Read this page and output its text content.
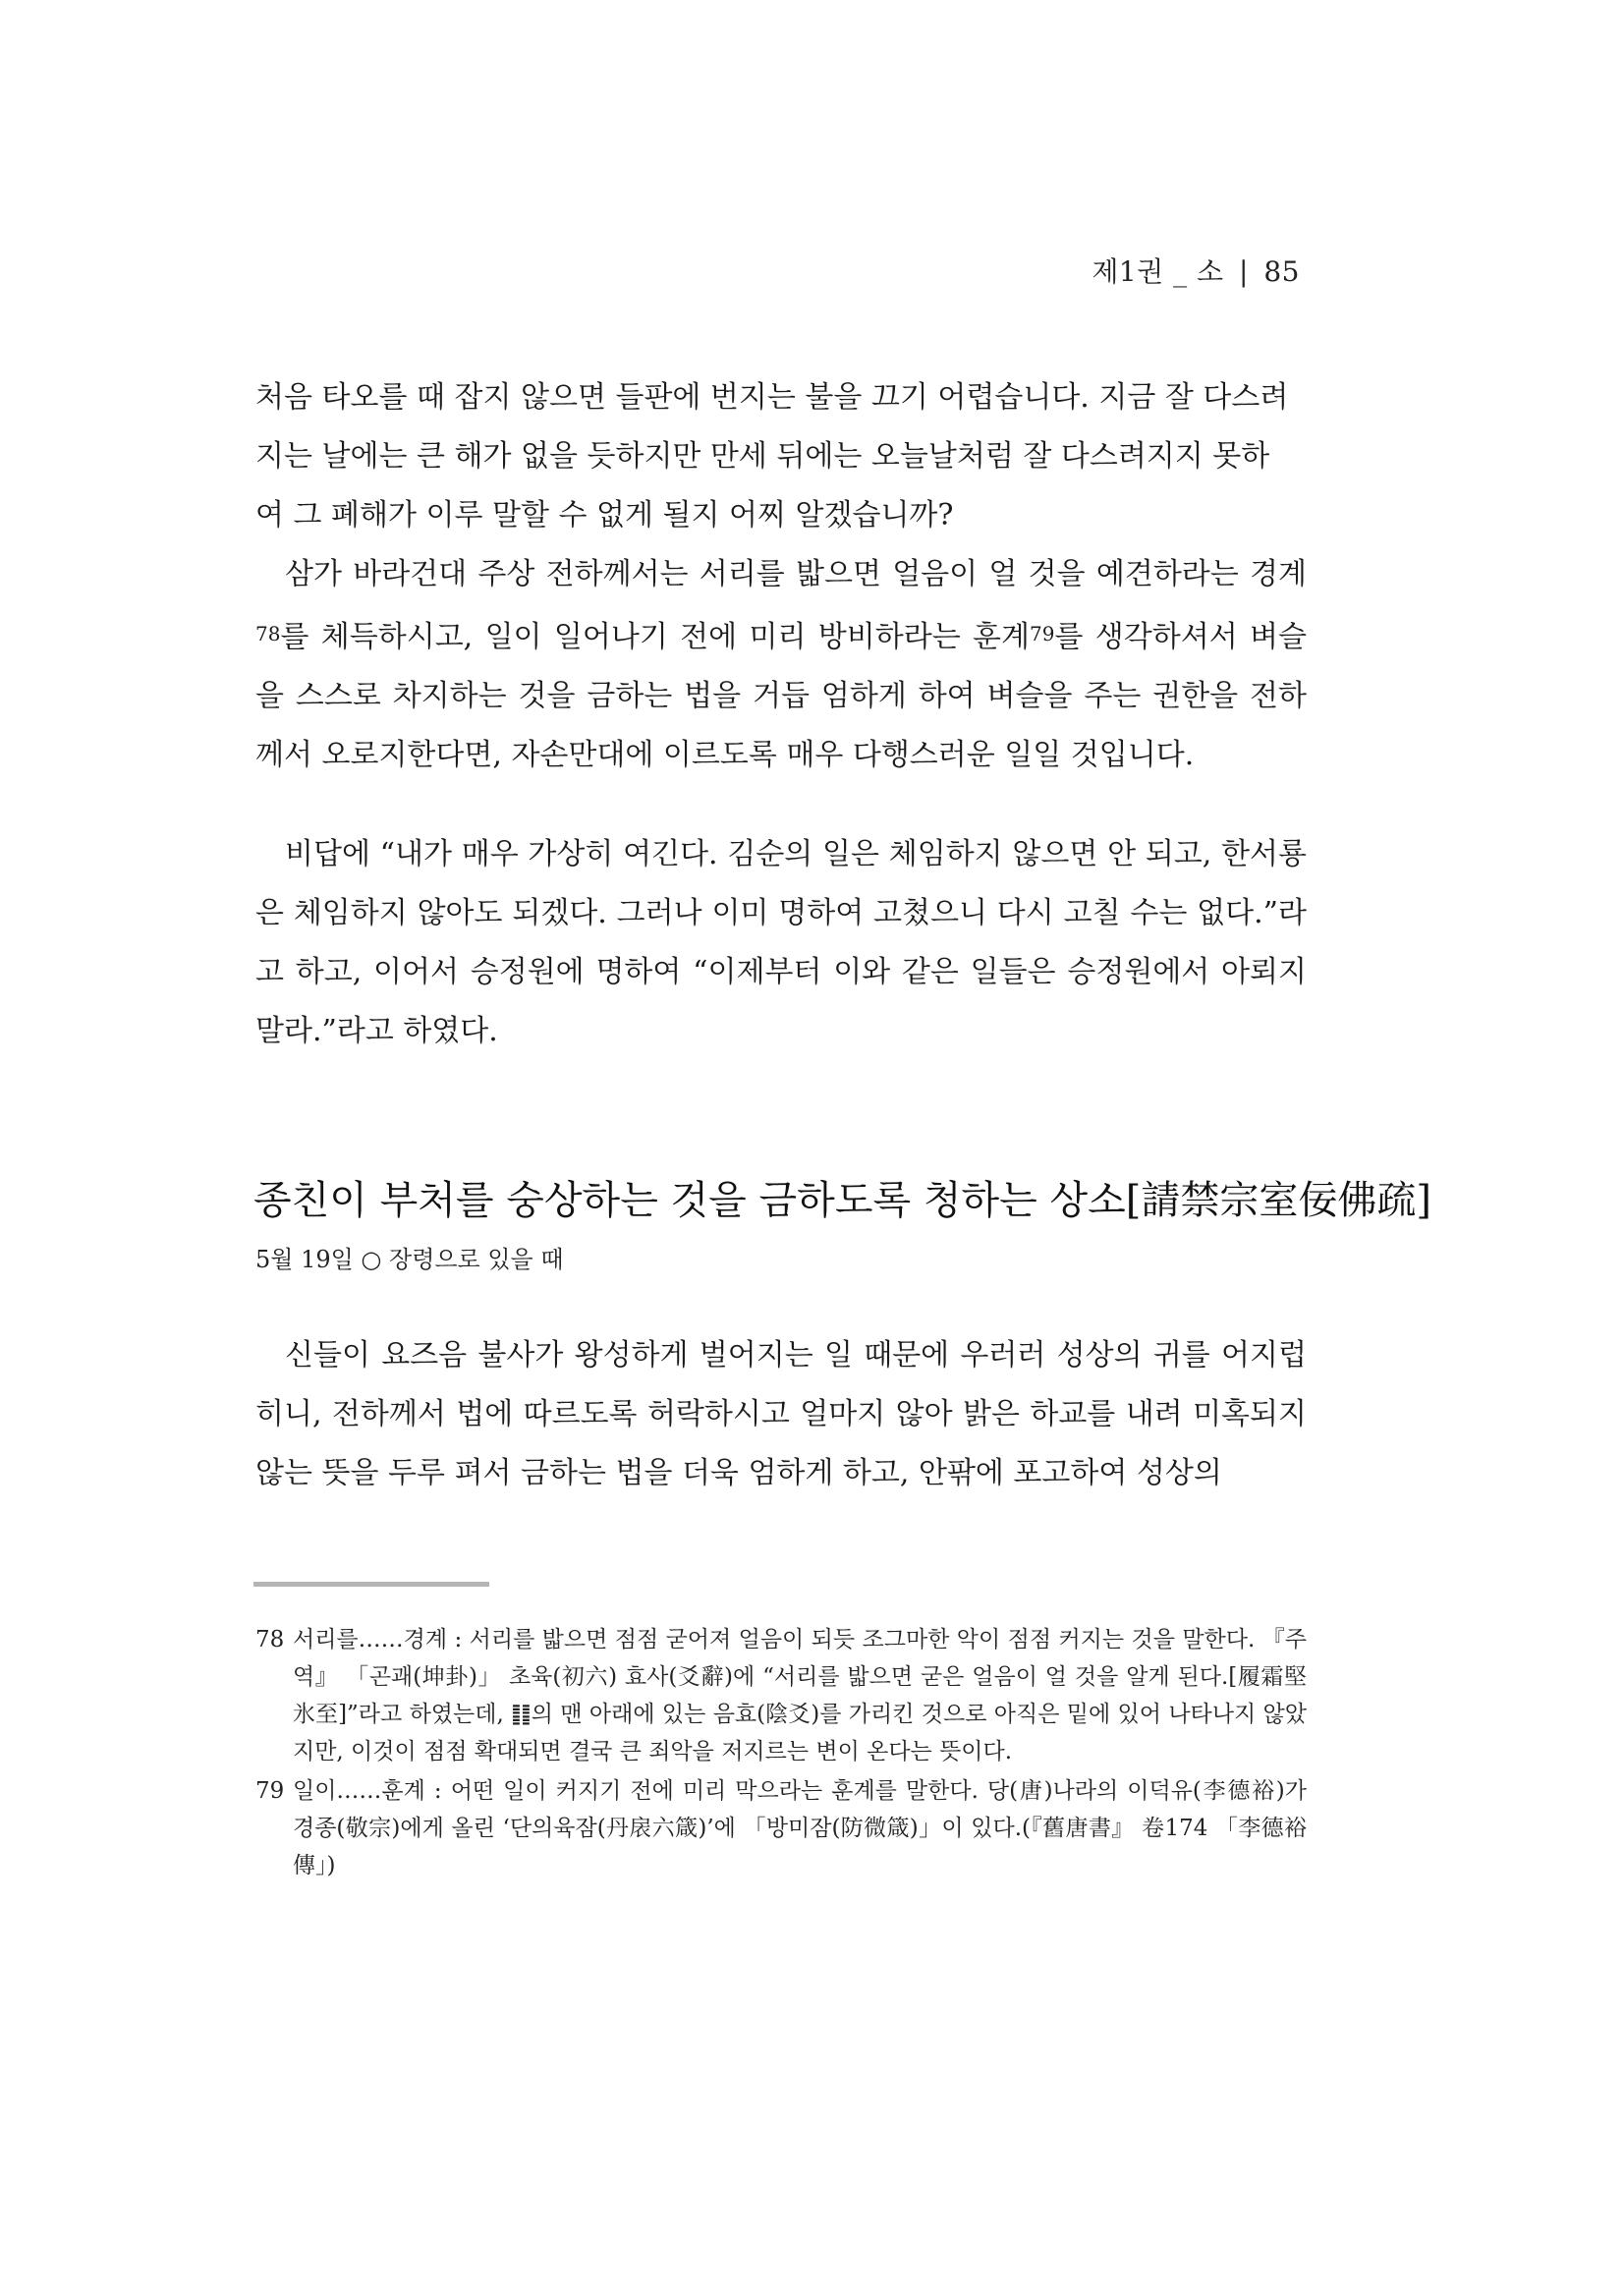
제1권 _ 소 | 85
처음 타오를 때 잡지 않으면 들판에 번지는 불을 끄기 어렵습니다. 지금 잘 다스려
지는 날에는 큰 해가 없을 듯하지만 만세 뒤에는 오늘날처럼 잘 다스려지지 못하
여 그 폐해가 이루 말할 수 없게 될지 어찌 알겠습니까?

삼가 바라건대 주상 전하께서는 서리를 밟으면 얼음이 얼 것을 예견하라는 경계$^{78}$를 체득하시고, 일이 일어나기 전에 미리 방비하라는 훈계$^{79}$를 생각하셔서 벼슬을 스스로 차지하는 것을 금하는 법을 거듭 엄하게 하여 벼슬을 주는 권한을 전하께서 오로지한다면, 자손만대에 이르도록 매우 다행스러운 일일 것입니다.

비답에 “내가 매우 가상히 여긴다. 김순의 일은 체임하지 않으면 안 되고, 한서룡은 체임하지 않아도 되겠다. 그러나 이미 명하여 고쳤으니 다시 고칠 수는 없다.”라고 하고, 이어서 승정원에 명하여 “이제부터 이와 같은 일들은 승정원에서 아뢰지 말라.”라고 하였다.

종친이 부처를 숭상하는 것을 금하도록 청하는 상소[請禁宗室佞佛疏]
5월 19일 ○ 장령으로 있을 때

신들이 요즈음 불사가 왕성하게 벌어지는 일 때문에 우러러 성상의 귀를 어지럽히니, 전하께서 법에 따르도록 허락하시고 얼마지 않아 밝은 하교를 내려 미혹되지 않는 뜻을 두루 펴서 금하는 법을 더욱 엄하게 하고, 안팎에 포고하여 성상의

78 서리를……경계 : 서리를 밟으면 점점 굳어져 얼음이 되듯 조그마한 악이 점점 커지는 것을 말한다. 『주역』 「곤괘(坤卦)」 초육(初六) 효사(爻辭)에 “서리를 밟으면 굳은 얼음이 얼 것을 알게 된다.[履霜堅氷至]”라고 하였는데, ䷁의 맨 아래에 있는 음효(陰爻)를 가리킨 것으로 아직은 밑에 있어 나타나지 않았지만, 이것이 점점 확대되면 결국 큰 죄악을 저지르는 변이 온다는 뜻이다.
79 일이……훈계 : 어떤 일이 커지기 전에 미리 막으라는 훈계를 말한다. 당(唐)나라의 이덕유(李德裕)가 경종(敬宗)에게 올린 ‘단의육잠(丹扆六箴)’에 「방미잠(防微箴)」이 있다.(『舊唐書』 卷174 「李德裕傳」)
